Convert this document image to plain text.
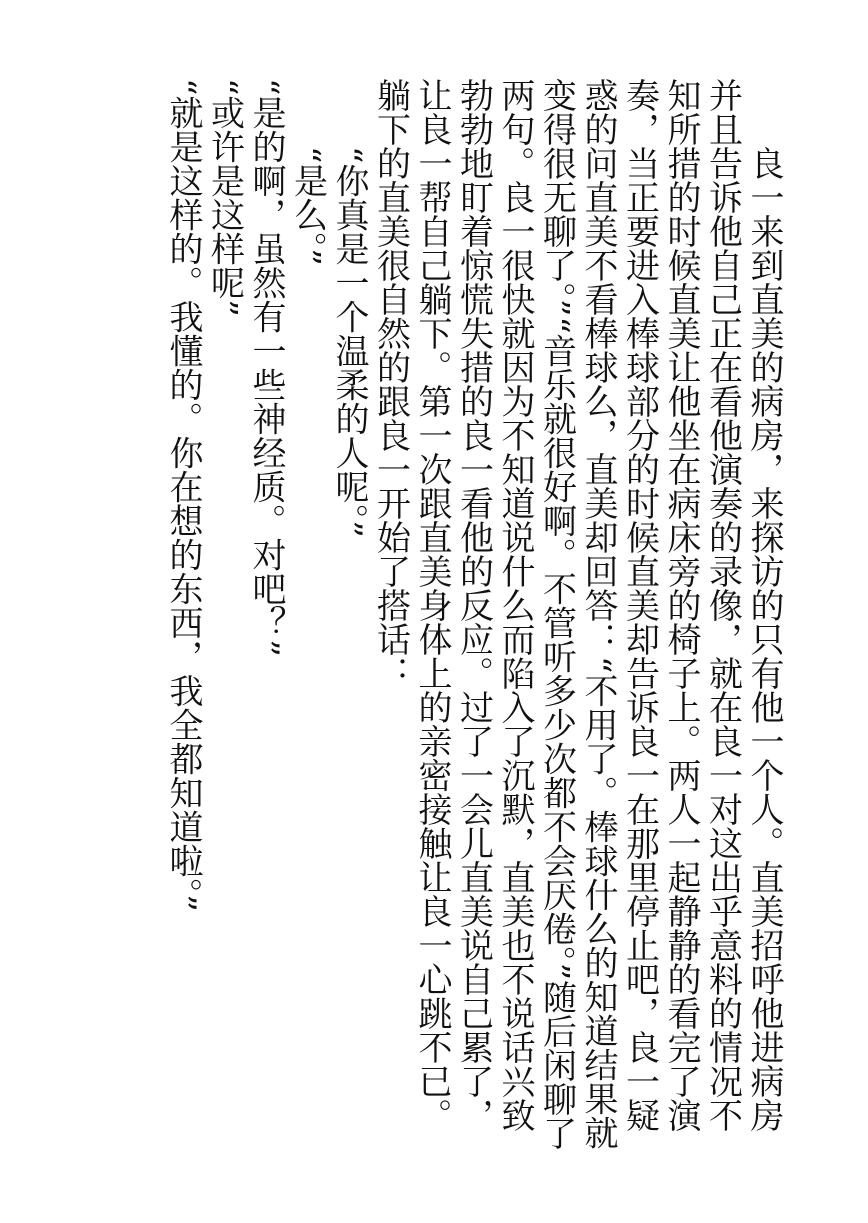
良一来到直美的病房，来探访的只有他一个人。直美招呼他进病房并且告诉他自己正在看他演奏的录像，就在良一对这出乎意料的情况不知所措的时候直美让他坐在病床旁的椅子上。两人一起静静的看完了演奏，当正要进入棒球部分的时候直美却告诉良一在那里停止吧，良一疑惑的问直美不看棒球么，直美却回答：“不用了。棒球什么的知道结果就变得很无聊了。”“音乐就很好啊。不管听多少次都不会厌倦。”随后闲聊了两句。良一很快就因为不知道说什么而陷入了沉默，直美也不说话兴致勃勃地盯着惊慌失措的良一看他的反应。过了一会儿直美说自己累了，让良一帮自己躺下。第一次跟直美身体上的亲密接触让良一心跳不已。躺下的直美很自然的跟良一开始了搭话：

“你真是一个温柔的人呢。”

“是么。”

“是的啊，虽然有一些神经质。对吧？”

“或许是这样呢”

“就是这样的。我懂的。你在想的东西，我全都知道啦。”
